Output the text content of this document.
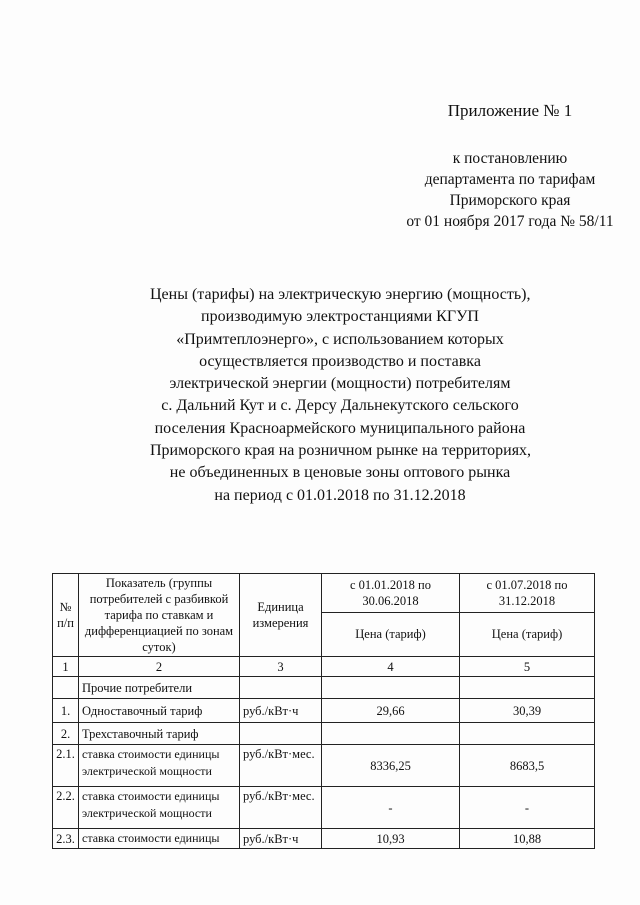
Приложение № 1
к постановлению
департамента по тарифам
Приморского края
от 01 ноября 2017 года № 58/11
Цены (тарифы) на электрическую энергию (мощность),
производимую электростанциями КГУП
«Примтеплоэнерго», с использованием которых
осуществляется производство и поставка
электрической энергии (мощности) потребителям
с. Дальний Кут и с. Дерсу Дальнекутского сельского
поселения Красноармейского муниципального района
Приморского края на розничном рынке на территориях,
не объединенных в ценовые зоны оптового рынка
на период с 01.01.2018 по 31.12.2018
№ п/п	Показатель (группы потребителей с разбивкой тарифа по ставкам и дифференциацией по зонам суток)	Единица измерения	с 01.01.2018 по 30.06.2018	с 01.07.2018 по 31.12.2018
			Цена (тариф)	Цена (тариф)
1	2	3	4	5
	Прочие потребители			
1.	Одноставочный тариф	руб./кВт·ч	29,66	30,39
2.	Трехставочный тариф			
2.1.	ставка стоимости единицы электрической мощности	руб./кВт·мес.	8336,25	8683,5
2.2.	ставка стоимости единицы электрической мощности	руб./кВт·мес.	-	-
2.3.	ставка стоимости единицы	руб./кВт·ч	10,93	10,88
